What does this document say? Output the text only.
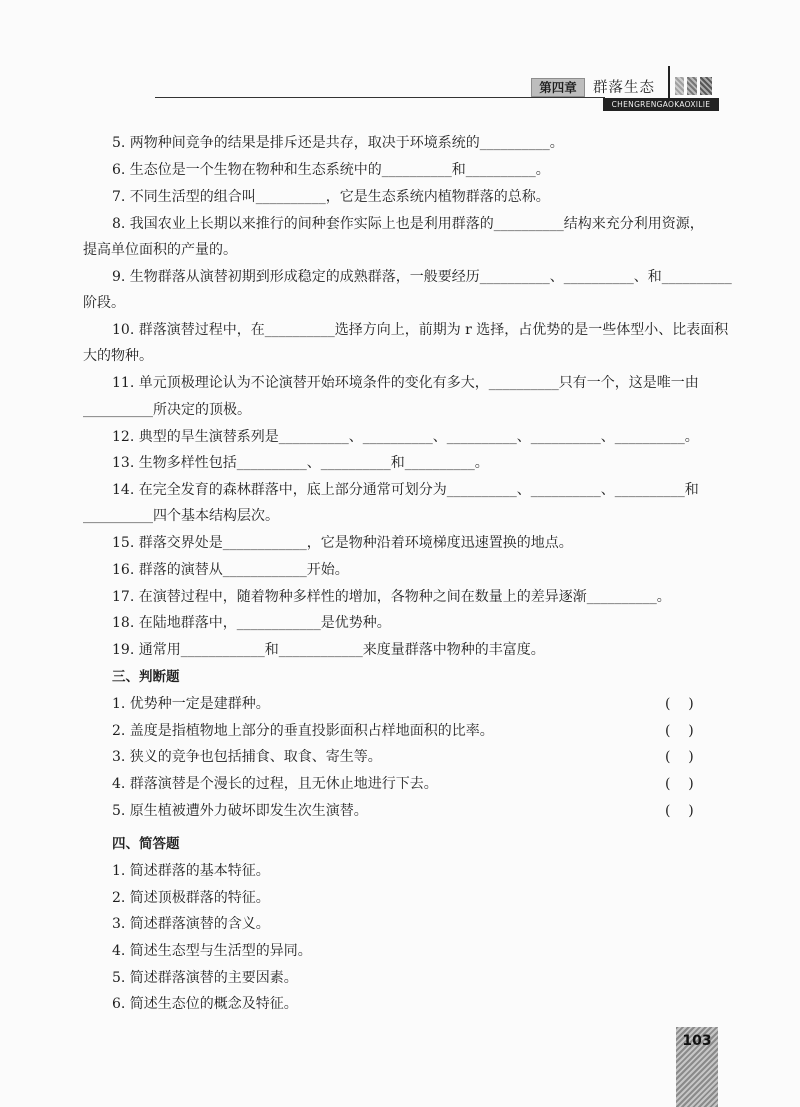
第四章	群落生态
CHENGRENGAOKAOXILIE
5. 两物种间竞争的结果是排斥还是共存，取决于环境系统的__________。
6. 生态位是一个生物在物种和生态系统中的__________和__________。
7. 不同生活型的组合叫__________，它是生态系统内植物群落的总称。
8. 我国农业上长期以来推行的间种套作实际上也是利用群落的__________结构来充分利用资源，
提高单位面积的产量的。
9. 生物群落从演替初期到形成稳定的成熟群落，一般要经历__________、__________、和__________
阶段。
10. 群落演替过程中，在__________选择方向上，前期为 r 选择，占优势的是一些体型小、比表面积
大的物种。
11. 单元顶极理论认为不论演替开始环境条件的变化有多大，__________只有一个，这是唯一由
__________所决定的顶极。
12. 典型的旱生演替系列是__________、__________、__________、__________、__________。
13. 生物多样性包括__________、__________和__________。
14. 在完全发育的森林群落中，底上部分通常可划分为__________、__________、__________和
__________四个基本结构层次。
15. 群落交界处是____________，它是物种沿着环境梯度迅速置换的地点。
16. 群落的演替从____________开始。
17. 在演替过程中，随着物种多样性的增加，各物种之间在数量上的差异逐渐__________。
18. 在陆地群落中，____________是优势种。
19. 通常用____________和____________来度量群落中物种的丰富度。
三、判断题
1. 优势种一定是建群种。	(    )
2. 盖度是指植物地上部分的垂直投影面积占样地面积的比率。	(    )
3. 狭义的竞争也包括捕食、取食、寄生等。	(    )
4. 群落演替是个漫长的过程，且无休止地进行下去。	(    )
5. 原生植被遭外力破坏即发生次生演替。	(    )
四、简答题
1. 简述群落的基本特征。
2. 简述顶极群落的特征。
3. 简述群落演替的含义。
4. 简述生态型与生活型的异同。
5. 简述群落演替的主要因素。
6. 简述生态位的概念及特征。
103
